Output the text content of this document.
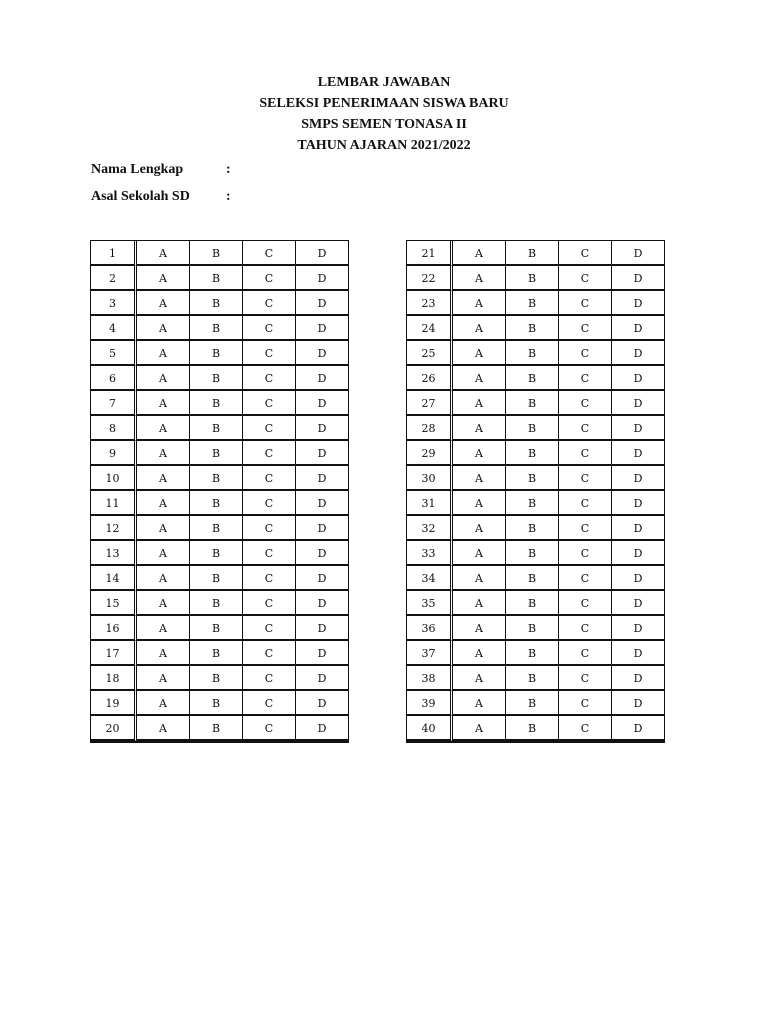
LEMBAR JAWABAN
SELEKSI PENERIMAAN SISWA BARU
SMPS SEMEN TONASA II
TAHUN AJARAN 2021/2022
Nama Lengkap	:
Asal Sekolah SD	:
1	A	B	C	D
2	A	B	C	D
3	A	B	C	D
4	A	B	C	D
5	A	B	C	D
6	A	B	C	D
7	A	B	C	D
8	A	B	C	D
9	A	B	C	D
10	A	B	C	D
11	A	B	C	D
12	A	B	C	D
13	A	B	C	D
14	A	B	C	D
15	A	B	C	D
16	A	B	C	D
17	A	B	C	D
18	A	B	C	D
19	A	B	C	D
20	A	B	C	D
21	A	B	C	D
22	A	B	C	D
23	A	B	C	D
24	A	B	C	D
25	A	B	C	D
26	A	B	C	D
27	A	B	C	D
28	A	B	C	D
29	A	B	C	D
30	A	B	C	D
31	A	B	C	D
32	A	B	C	D
33	A	B	C	D
34	A	B	C	D
35	A	B	C	D
36	A	B	C	D
37	A	B	C	D
38	A	B	C	D
39	A	B	C	D
40	A	B	C	D
